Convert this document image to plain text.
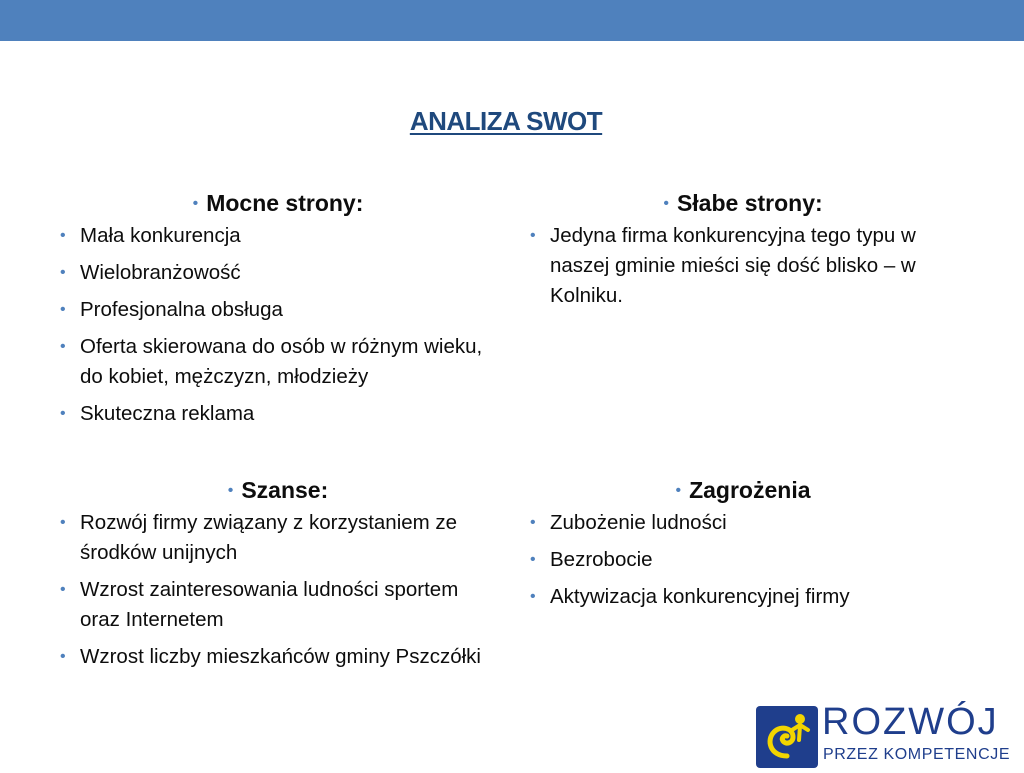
ANALIZA SWOT

• Mocne strony:

• Mała konkurencja
• Wielobranżowość
• Profesjonalna obsługa
• Oferta skierowana do osób w różnym wieku, do kobiet, mężczyzn, młodzieży
• Skuteczna reklama

• Słabe strony:

• Jedyna firma konkurencyjna tego typu w naszej gminie mieści się dość blisko – w Kolniku.

• Szanse:

• Rozwój firmy związany z korzystaniem ze środków unijnych
• Wzrost zainteresowania ludności sportem oraz Internetem
• Wzrost liczby mieszkańców gminy Pszczółki

• Zagrożenia

• Zubożenie ludności
• Bezrobocie
• Aktywizacja konkurencyjnej firmy
ROZWÓJ
PRZEZ KOMPETENCJE
